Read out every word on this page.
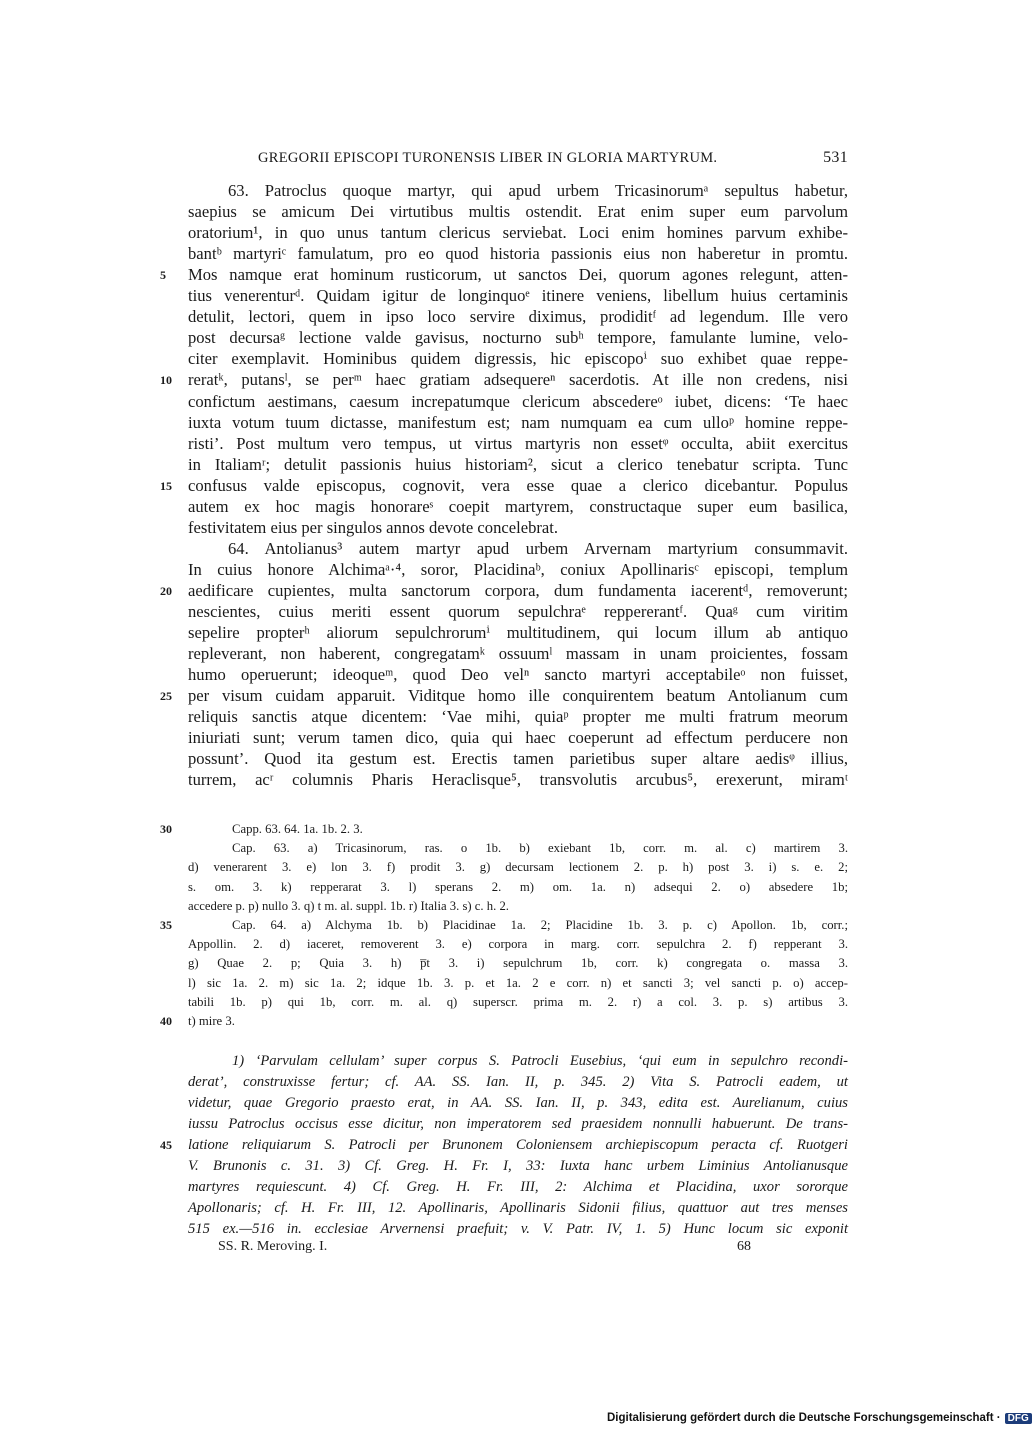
GREGORII EPISCOPI TURONENSIS LIBER IN GLORIA MARTYRUM.	531
63. Patroclus quoque martyr, qui apud urbem Tricasinorumᵃ sepultus habetur,
saepius se amicum Dei virtutibus multis ostendit. Erat enim super eum parvolum
oratorium¹, in quo unus tantum clericus serviebat. Loci enim homines parvum exhibe-
bantᵇ martyriᶜ famulatum, pro eo quod historia passionis eius non haberetur in promtu.
Mos namque erat hominum rusticorum, ut sanctos Dei, quorum agones relegunt, atten-
5
tius venerenturᵈ. Quidam igitur de longinquoᵉ itinere veniens, libellum huius certaminis
detulit, lectori, quem in ipso loco servire diximus, prodiditᶠ ad legendum. Ille vero
post decursaᵍ lectione valde gavisus, nocturno subʰ tempore, famulante lumine, velo-
citer exemplavit. Hominibus quidem digressis, hic episcopoⁱ suo exhibet quae reppe-
reratᵏ, putansˡ, se perᵐ haec gratiam adsequereⁿ sacerdotis. At ille non credens, nisi
10
confictum aestimans, caesum increpatumque clericum abscedereᵒ iubet, dicens: ‘Te haec
iuxta votum tuum dictasse, manifestum est; nam numquam ea cum ulloᵖ homine reppe-
risti’. Post multum vero tempus, ut virtus martyris non essetᵠ occulta, abiit exercitus
in Italiamʳ; detulit passionis huius historiam², sicut a clerico tenebatur scripta. Tunc
confusus valde episcopus, cognovit, vera esse quae a clerico dicebantur. Populus
15
autem ex hoc magis honorareˢ coepit martyrem, constructaque super eum basilica,
festivitatem eius per singulos annos devote concelebrat.
64. Antolianus³ autem martyr apud urbem Arvernam martyrium consummavit.
In cuius honore Alchimaᵃ·⁴, soror, Placidinaᵇ, coniux Apollinarisᶜ episcopi, templum
aedificare cupientes, multa sanctorum corpora, dum fundamenta iacerentᵈ, removerunt;
20
nescientes, cuius meriti essent quorum sepulchraᵉ reppererantᶠ. Quaᵍ cum viritim
sepelire propterʰ aliorum sepulchrorumⁱ multitudinem, qui locum illum ab antiquo
repleverant, non haberent, congregatamᵏ ossuumˡ massam in unam proicientes, fossam
humo operuerunt; ideoqueᵐ, quod Deo velⁿ sancto martyri acceptabileᵒ non fuisset,
per visum cuidam apparuit. Viditque homo ille conquirentem beatum Antolianum cum
25
reliquis sanctis atque dicentem: ‘Vae mihi, quiaᵖ propter me multi fratrum meorum
iniuriati sunt; verum tamen dico, quia qui haec coeperunt ad effectum perducere non
possunt’. Quod ita gestum est. Erectis tamen parietibus super altare aedisᵠ illius,
turrem, acʳ columnis Pharis Heraclisque⁵, transvolutis arcubus⁵, erexerunt, miramᵗ
Capp. 63. 64. 1a. 1b. 2. 3.
30
Cap. 63. a) Tricasinorum, ras. o 1b. b) exiebant 1b, corr. m. al. c) martirem 3.
d) venerarent 3. e) lon 3. f) prodit 3. g) decursam lectionem 2. p. h) post 3. i) s. e. 2;
s. om. 3. k) repperarat 3. l) sperans 2. m) om. 1a. n) adsequi 2. o) absedere 1b;
accedere p. p) nullo 3. q) t m. al. suppl. 1b. r) Italia 3. s) c. h. 2.
Cap. 64. a) Alchyma 1b. b) Placidinae 1a. 2; Placidine 1b. 3. p. c) Apollon. 1b, corr.;
35
Appollin. 2. d) iaceret, removerent 3. e) corpora in marg. corr. sepulchra 2. f) repperant 3.
g) Quae 2. p; Quia 3. h) p̅t 3. i) sepulchrum 1b, corr. k) congregata o. massa 3.
l) sic 1a. 2. m) sic 1a. 2; idque 1b. 3. p. et 1a. 2 e corr. n) et sancti 3; vel sancti p. o) accep-
tabili 1b. p) qui 1b, corr. m. al. q) superscr. prima m. 2. r) a col. 3. p. s) artibus 3.
t) mire 3.
40
1) ‘Parvulam cellulam’ super corpus S. Patrocli Eusebius, ‘qui eum in sepulchro recondi-
derat’, construxisse fertur; cf. AA. SS. Ian. II, p. 345. 2) Vita S. Patrocli eadem, ut
videtur, quae Gregorio praesto erat, in AA. SS. Ian. II, p. 343, edita est. Aurelianum, cuius
iussu Patroclus occisus esse dicitur, non imperatorem sed praesidem nonnulli habuerunt. De trans-
latione reliquiarum S. Patrocli per Brunonem Coloniensem archiepiscopum peracta cf. Ruotgeri
45
V. Brunonis c. 31. 3) Cf. Greg. H. Fr. I, 33: Iuxta hanc urbem Liminius Antolianusque
martyres requiescunt. 4) Cf. Greg. H. Fr. III, 2: Alchima et Placidina, uxor sororque
Apollonaris; cf. H. Fr. III, 12. Apollinaris, Apollinaris Sidonii filius, quattuor aut tres menses
515 ex.—516 in. ecclesiae Arvernensi praefuit; v. V. Patr. IV, 1. 5) Hunc locum sic exponit
SS. R. Meroving. I.	68
Digitalisierung gefördert durch die Deutsche Forschungsgemeinschaft · DFG
